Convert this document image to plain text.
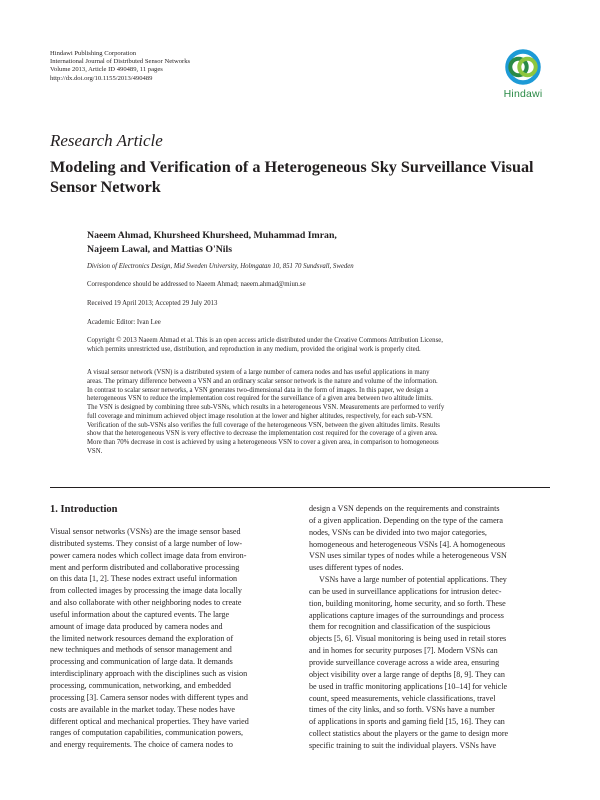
Hindawi Publishing Corporation
International Journal of Distributed Sensor Networks
Volume 2013, Article ID 490489, 11 pages
http://dx.doi.org/10.1155/2013/490489
Hindawi
Research Article
Modeling and Verification of a Heterogeneous Sky Surveillance Visual Sensor Network
Naeem Ahmad, Khursheed Khursheed, Muhammad Imran,
Najeem Lawal, and Mattias O'Nils
Division of Electronics Design, Mid Sweden University, Holmgatan 10, 851 70 Sundsvall, Sweden
Correspondence should be addressed to Naeem Ahmad; naeem.ahmad@miun.se
Received 19 April 2013; Accepted 29 July 2013
Academic Editor: Ivan Lee
Copyright © 2013 Naeem Ahmad et al. This is an open access article distributed under the Creative Commons Attribution License,
which permits unrestricted use, distribution, and reproduction in any medium, provided the original work is properly cited.
A visual sensor network (VSN) is a distributed system of a large number of camera nodes and has useful applications in many
areas. The primary difference between a VSN and an ordinary scalar sensor network is the nature and volume of the information.
In contrast to scalar sensor networks, a VSN generates two-dimensional data in the form of images. In this paper, we design a
heterogeneous VSN to reduce the implementation cost required for the surveillance of a given area between two altitude limits.
The VSN is designed by combining three sub-VSNs, which results in a heterogeneous VSN. Measurements are performed to verify
full coverage and minimum achieved object image resolution at the lower and higher altitudes, respectively, for each sub-VSN.
Verification of the sub-VSNs also verifies the full coverage of the heterogeneous VSN, between the given altitudes limits. Results
show that the heterogeneous VSN is very effective to decrease the implementation cost required for the coverage of a given area.
More than 70% decrease in cost is achieved by using a heterogeneous VSN to cover a given area, in comparison to homogeneous
VSN.
1. Introduction
Visual sensor networks (VSNs) are the image sensor based
distributed systems. They consist of a large number of low-
power camera nodes which collect image data from environ-
ment and perform distributed and collaborative processing
on this data [1, 2]. These nodes extract useful information
from collected images by processing the image data locally
and also collaborate with other neighboring nodes to create
useful information about the captured events. The large
amount of image data produced by camera nodes and
the limited network resources demand the exploration of
new techniques and methods of sensor management and
processing and communication of large data. It demands
interdisciplinary approach with the disciplines such as vision
processing, communication, networking, and embedded
processing [3]. Camera sensor nodes with different types and
costs are available in the market today. These nodes have
different optical and mechanical properties. They have varied
ranges of computation capabilities, communication powers,
and energy requirements. The choice of camera nodes to
design a VSN depends on the requirements and constraints
of a given application. Depending on the type of the camera
nodes, VSNs can be divided into two major categories,
homogeneous and heterogeneous VSNs [4]. A homogeneous
VSN uses similar types of nodes while a heterogeneous VSN
uses different types of nodes.
VSNs have a large number of potential applications. They
can be used in surveillance applications for intrusion detec-
tion, building monitoring, home security, and so forth. These
applications capture images of the surroundings and process
them for recognition and classification of the suspicious
objects [5, 6]. Visual monitoring is being used in retail stores
and in homes for security purposes [7]. Modern VSNs can
provide surveillance coverage across a wide area, ensuring
object visibility over a large range of depths [8, 9]. They can
be used in traffic monitoring applications [10–14] for vehicle
count, speed measurements, vehicle classifications, travel
times of the city links, and so forth. VSNs have a number
of applications in sports and gaming field [15, 16]. They can
collect statistics about the players or the game to design more
specific training to suit the individual players. VSNs have
